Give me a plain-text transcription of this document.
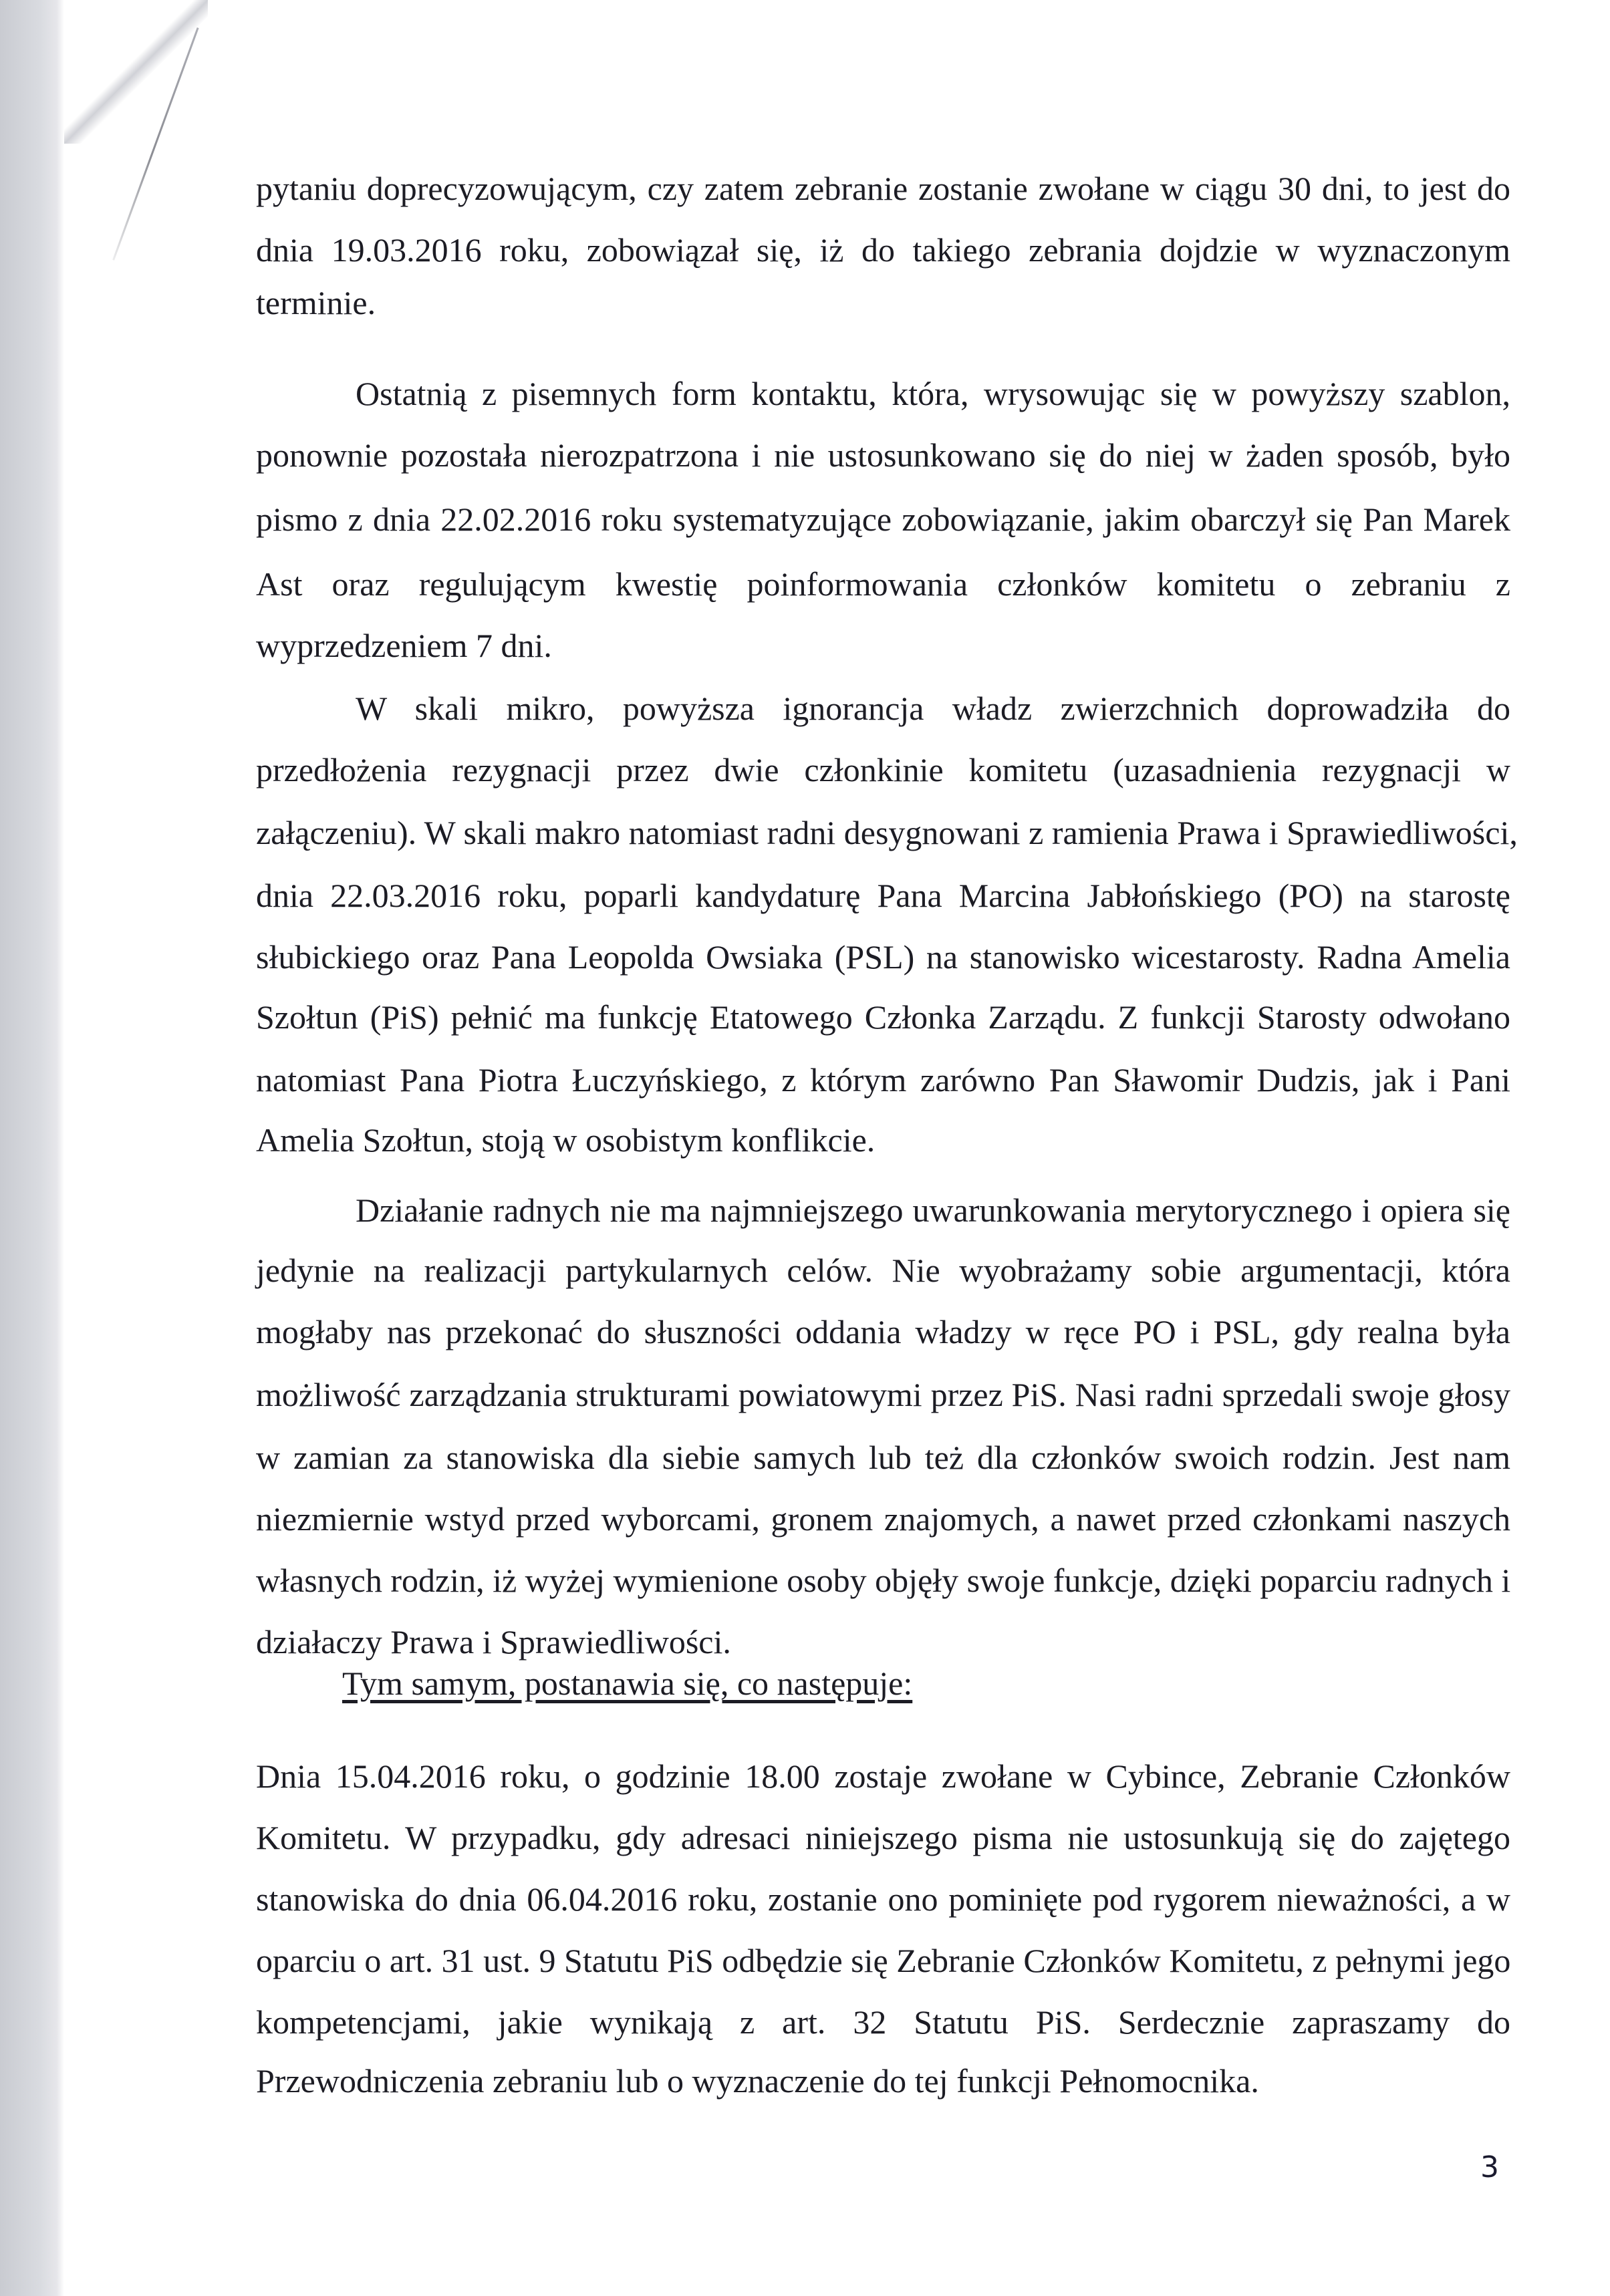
pytaniu doprecyzowującym, czy zatem zebranie zostanie zwołane w ciągu 30 dni, to jest do
dnia 19.03.2016 roku, zobowiązał się, iż do takiego zebrania dojdzie w wyznaczonym
terminie.
Ostatnią z pisemnych form kontaktu, która, wrysowując się w powyższy szablon,
ponownie pozostała nierozpatrzona i nie ustosunkowano się do niej w żaden sposób, było
pismo z dnia 22.02.2016 roku systematyzujące zobowiązanie, jakim obarczył się Pan Marek
Ast oraz regulującym kwestię poinformowania członków komitetu o zebraniu z
wyprzedzeniem 7 dni.
W skali mikro, powyższa ignorancja władz zwierzchnich doprowadziła do
przedłożenia rezygnacji przez dwie członkinie komitetu (uzasadnienia rezygnacji w
załączeniu). W skali makro natomiast radni desygnowani z ramienia Prawa i Sprawiedliwości,
dnia 22.03.2016 roku, poparli kandydaturę Pana Marcina Jabłońskiego (PO) na starostę
słubickiego oraz Pana Leopolda Owsiaka (PSL) na stanowisko wicestarosty. Radna Amelia
Szołtun (PiS) pełnić ma funkcję Etatowego Członka Zarządu. Z funkcji Starosty odwołano
natomiast Pana Piotra Łuczyńskiego, z którym zarówno Pan Sławomir Dudzis, jak i Pani
Amelia Szołtun, stoją w osobistym konflikcie.
Działanie radnych nie ma najmniejszego uwarunkowania merytorycznego i opiera się
jedynie na realizacji partykularnych celów. Nie wyobrażamy sobie argumentacji, która
mogłaby nas przekonać do słuszności oddania władzy w ręce PO i PSL, gdy realna była
możliwość zarządzania strukturami powiatowymi przez PiS. Nasi radni sprzedali swoje głosy
w zamian za stanowiska dla siebie samych lub też dla członków swoich rodzin. Jest nam
niezmiernie wstyd przed wyborcami, gronem znajomych, a nawet przed członkami naszych
własnych rodzin, iż wyżej wymienione osoby objęły swoje funkcje, dzięki poparciu radnych i
działaczy Prawa i Sprawiedliwości.
Tym samym, postanawia się, co następuje:
Dnia 15.04.2016 roku, o godzinie 18.00 zostaje zwołane w Cybince, Zebranie Członków
Komitetu. W przypadku, gdy adresaci niniejszego pisma nie ustosunkują się do zajętego
stanowiska do dnia 06.04.2016 roku, zostanie ono pominięte pod rygorem nieważności, a w
oparciu o art. 31 ust. 9 Statutu PiS odbędzie się Zebranie Członków Komitetu, z pełnymi jego
kompetencjami, jakie wynikają z art. 32 Statutu PiS. Serdecznie zapraszamy do
Przewodniczenia zebraniu lub o wyznaczenie do tej funkcji Pełnomocnika.
3
